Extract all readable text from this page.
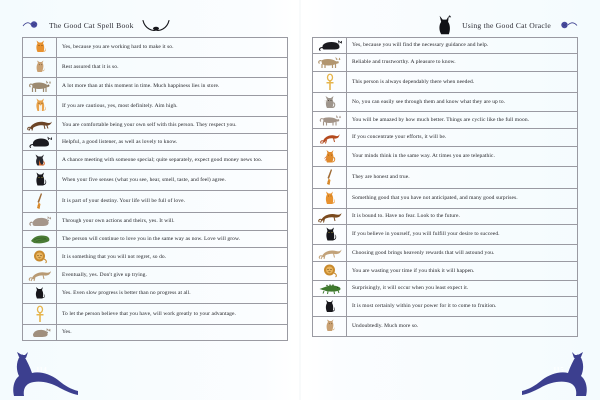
The Good Cat Spell Book
	Yes, because you are working hard to make it so.

	Rest assured that it is so.

	A lot more than at this moment in time. Much happiness lies in store.

	If you are cautious, yes, most definitely. Aim high.

	You are comfortable being your own self with this person. They respect you.

	Helpful, a good listener, as well as lovely to know.

	A chance meeting with someone special; quite separately, expect good money news too.

	When your five senses (what you see, hear, smell, taste, and feel) agree.

	It is part of your destiny. Your life will be full of love.

	Through your own actions and theirs, yes. It will.

	The person will continue to love you in the same way as now. Love will grow.

	It is something that you will not regret, so do.

	Eventually, yes. Don't give up trying.

	Yes. Even slow progress is better than no progress at all.

	To let the person believe that you have, will work greatly to your advantage.

	Yes.
114
Using the Good Cat Oracle
	Yes, because you will find the necessary guidance and help.

	Reliable and trustworthy. A pleasure to know.

	This person is always dependably there when needed.

	No, you can easily see through them and know what they are up to.

	You will be amazed by how much better. Things are cyclic like the full moon.

	If you concentrate your efforts, it will be.

	Your minds think in the same way. At times you are telepathic.

	They are honest and true.

	Something good that you have not anticipated, and many good surprises.

	It is bound to. Have no fear. Look to the future.

	If you believe in yourself, you will fulfill your desire to succeed.

	Choosing good brings heavenly rewards that will astound you.

	You are wasting your time if you think it will happen.

	Surprisingly, it will occur when you least expect it.

	It is most certainly within your power for it to come to fruition.

	Undoubtedly. Much more so.
115
